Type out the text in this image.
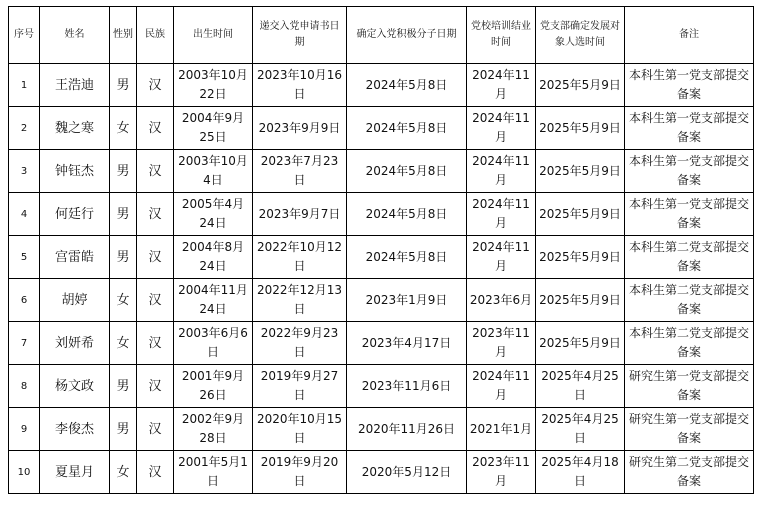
序号	姓名	性别	民族	出生时间	递交入党申请书日期	确定入党积极分子日期	党校培训结业时间	党支部确定发展对象人选时间	备注
1	王浩迪	男	汉	2003年10月22日	2023年10月16日	2024年5月8日	2024年11月	2025年5月9日	本科生第一党支部提交备案
2	魏之寒	女	汉	2004年9月25日	2023年9月9日	2024年5月8日	2024年11月	2025年5月9日	本科生第一党支部提交备案
3	钟钰杰	男	汉	2003年10月4日	2023年7月23日	2024年5月8日	2024年11月	2025年5月9日	本科生第一党支部提交备案
4	何廷行	男	汉	2005年4月24日	2023年9月7日	2024年5月8日	2024年11月	2025年5月9日	本科生第一党支部提交备案
5	宫雷皓	男	汉	2004年8月24日	2022年10月12日	2024年5月8日	2024年11月	2025年5月9日	本科生第二党支部提交备案
6	胡婷	女	汉	2004年11月24日	2022年12月13日	2023年1月9日	2023年6月	2025年5月9日	本科生第二党支部提交备案
7	刘妍希	女	汉	2003年6月6日	2022年9月23日	2023年4月17日	2023年11月	2025年5月9日	本科生第二党支部提交备案
8	杨文政	男	汉	2001年9月26日	2019年9月27日	2023年11月6日	2024年11月	2025年4月25日	研究生第一党支部提交备案
9	李俊杰	男	汉	2002年9月28日	2020年10月15日	2020年11月26日	2021年1月	2025年4月25日	研究生第一党支部提交备案
10	夏星月	女	汉	2001年5月1日	2019年9月20日	2020年5月12日	2023年11月	2025年4月18日	研究生第二党支部提交备案
